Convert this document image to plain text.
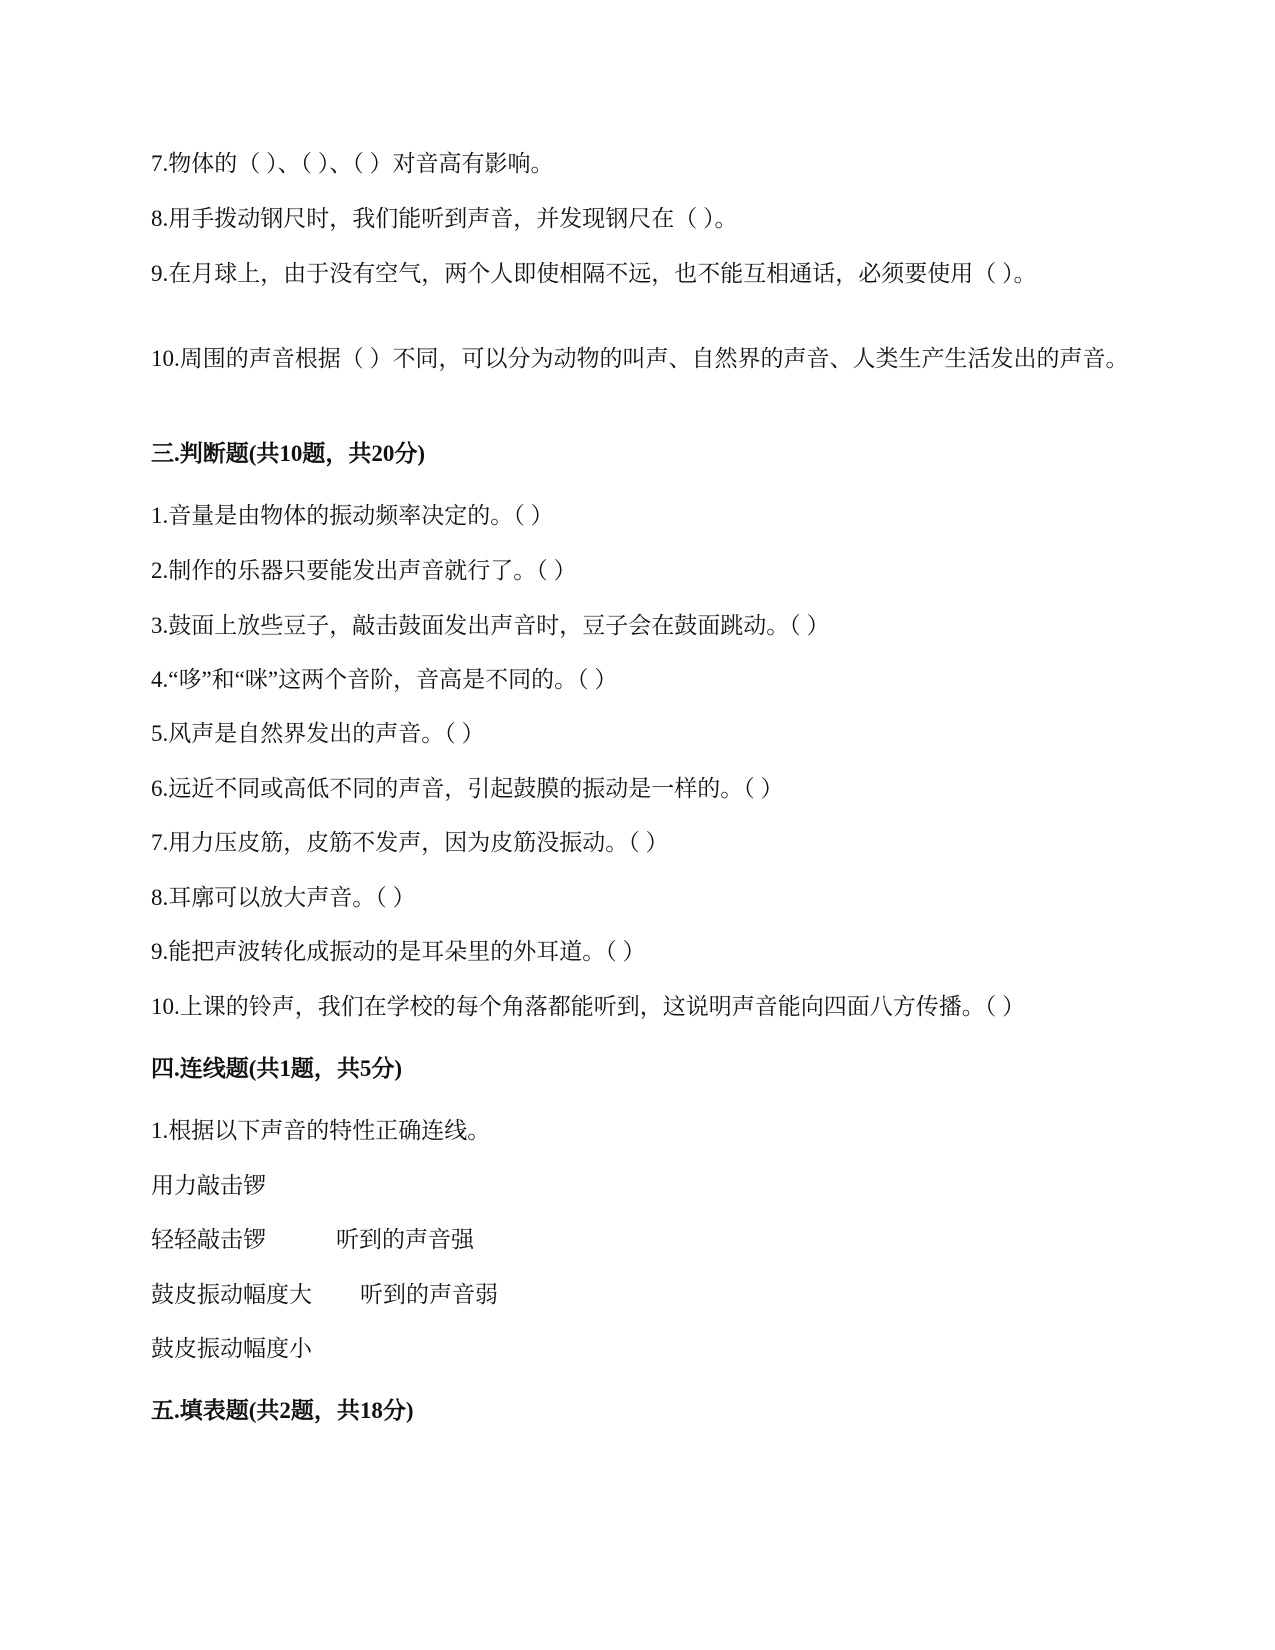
7.物体的（ ）、（ ）、（ ）对音高有影响。

8.用手拨动钢尺时，我们能听到声音，并发现钢尺在（ ）。

9.在月球上，由于没有空气，两个人即使相隔不远，也不能互相通话，必须要使用（ ）。

10.周围的声音根据（ ）不同，可以分为动物的叫声、自然界的声音、人类生产生活发出的声音。

三.判断题(共10题，共20分)

1.音量是由物体的振动频率决定的。（ ）

2.制作的乐器只要能发出声音就行了。（ ）

3.鼓面上放些豆子，敲击鼓面发出声音时，豆子会在鼓面跳动。（ ）

4.“哆”和“咪”这两个音阶，音高是不同的。（ ）

5.风声是自然界发出的声音。（ ）

6.远近不同或高低不同的声音，引起鼓膜的振动是一样的。（ ）

7.用力压皮筋，皮筋不发声，因为皮筋没振动。（ ）

8.耳廓可以放大声音。（ ）

9.能把声波转化成振动的是耳朵里的外耳道。（ ）

10.上课的铃声，我们在学校的每个角落都能听到，这说明声音能向四面八方传播。（ ）

四.连线题(共1题，共5分)

1.根据以下声音的特性正确连线。

用力敲击锣

轻轻敲击锣	听到的声音强

鼓皮振动幅度大 听到的声音弱

鼓皮振动幅度小

五.填表题(共2题，共18分)
